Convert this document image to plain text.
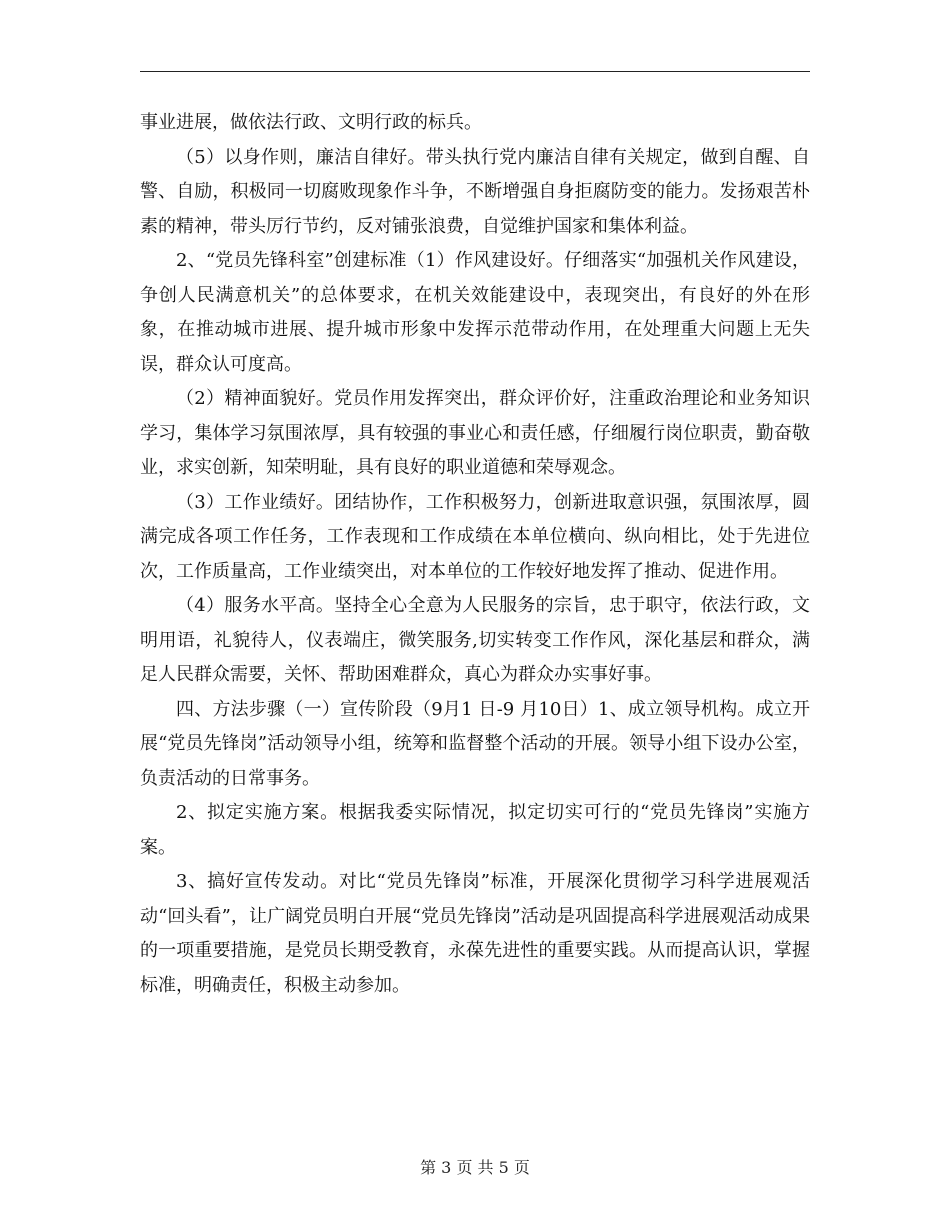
事业进展，做依法行政、文明行政的标兵。

（5）以身作则，廉洁自律好。带头执行党内廉洁自律有关规定，做到自醒、自警、自励，积极同一切腐败现象作斗争，不断增强自身拒腐防变的能力。发扬艰苦朴素的精神，带头厉行节约，反对铺张浪费，自觉维护国家和集体利益。

2、“党员先锋科室”创建标准（1）作风建设好。仔细落实“加强机关作风建设，争创人民满意机关”的总体要求，在机关效能建设中，表现突出，有良好的外在形象，在推动城市进展、提升城市形象中发挥示范带动作用，在处理重大问题上无失误，群众认可度高。

（2）精神面貌好。党员作用发挥突出，群众评价好，注重政治理论和业务知识学习，集体学习氛围浓厚，具有较强的事业心和责任感，仔细履行岗位职责，勤奋敬业，求实创新，知荣明耻，具有良好的职业道德和荣辱观念。

（3）工作业绩好。团结协作，工作积极努力，创新进取意识强，氛围浓厚，圆满完成各项工作任务，工作表现和工作成绩在本单位横向、纵向相比，处于先进位次，工作质量高，工作业绩突出，对本单位的工作较好地发挥了推动、促进作用。

（4）服务水平高。坚持全心全意为人民服务的宗旨，忠于职守，依法行政，文明用语，礼貌待人，仪表端庄，微笑服务,切实转变工作作风，深化基层和群众，满足人民群众需要，关怀、帮助困难群众，真心为群众办实事好事。

四、方法步骤（一）宣传阶段（9月1 日-9 月10日）1、成立领导机构。成立开展“党员先锋岗”活动领导小组，统筹和监督整个活动的开展。领导小组下设办公室，负责活动的日常事务。

2、拟定实施方案。根据我委实际情况，拟定切实可行的“党员先锋岗”实施方案。

3、搞好宣传发动。对比“党员先锋岗”标准，开展深化贯彻学习科学进展观活动“回头看”，让广阔党员明白开展“党员先锋岗”活动是巩固提高科学进展观活动成果的一项重要措施，是党员长期受教育，永葆先进性的重要实践。从而提高认识，掌握标准，明确责任，积极主动参加。

第 3 页 共 5 页
